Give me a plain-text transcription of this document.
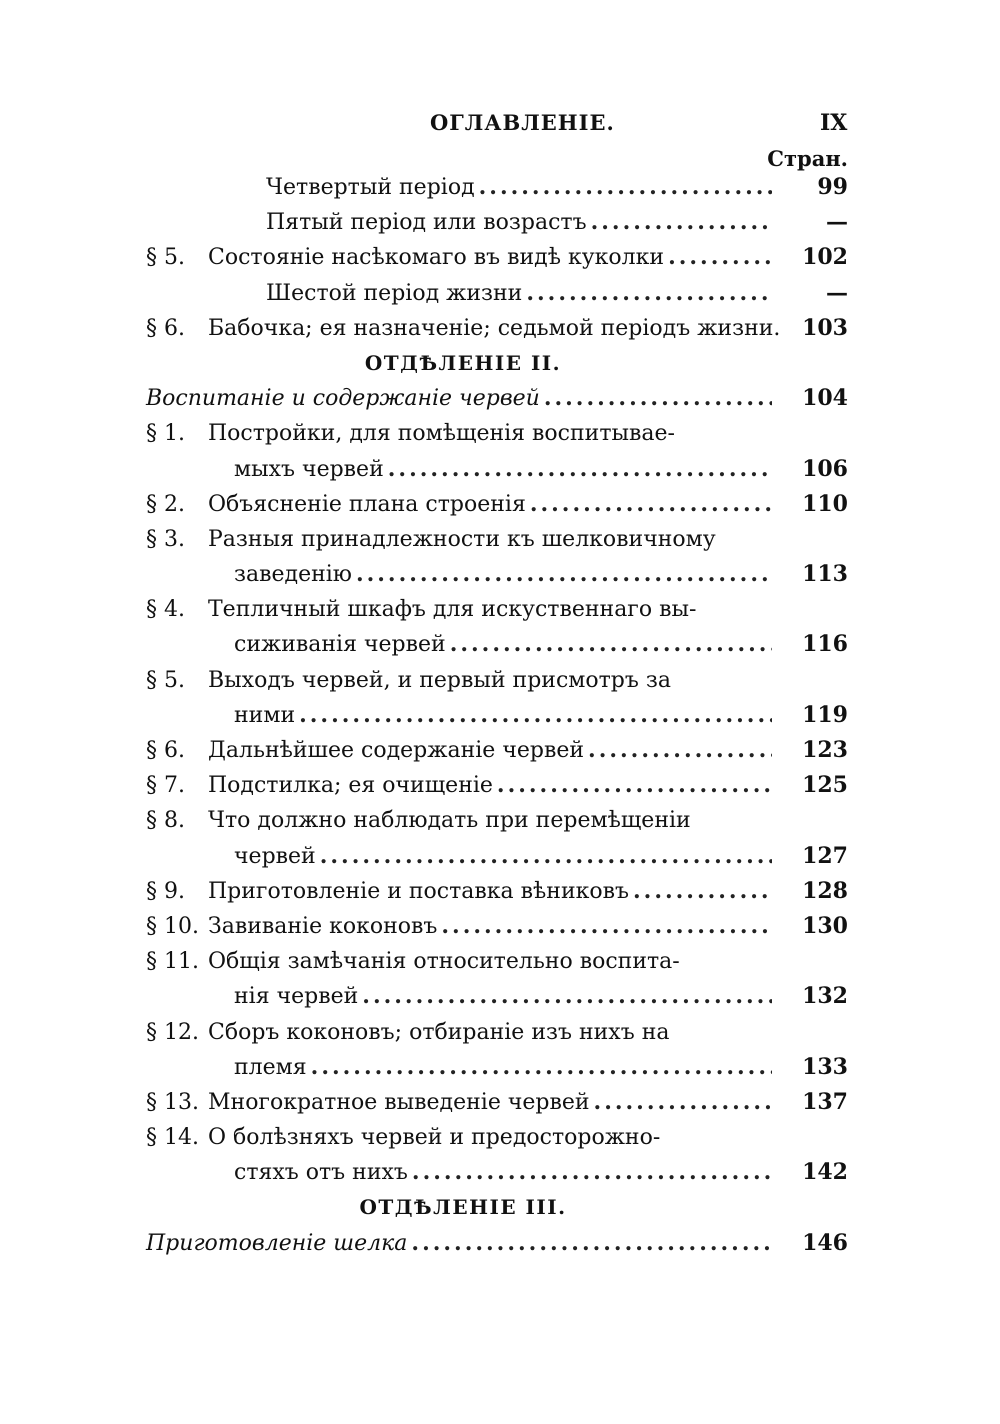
ОГЛАВЛЕНІЕ.	IX
Стран.
Четвертый період .....	99
Пятый період или возрастъ .....	—
§ 5. Состояніе насѣкомаго въ видѣ куколки .....	102
Шестой період жизни .....	—
§ 6. Бабочка; ея назначеніе; седьмой періодъ жизни. 103
ОТДѢЛЕНІЕ II.
Воспитаніе и содержаніе червей .....	104
§ 1. Постройки, для помѣщенія воспитывае-
мыхъ червей .....	106
§ 2. Объясненіе плана строенія .....	110
§ 3. Разныя принадлежности къ шелковичному
заведенію .....	113
§ 4. Тепличный шкафъ для искуственнаго вы-
сиживанія червей .....	116
§ 5. Выходъ червей, и первый присмотръ за
ними .....	119
§ 6. Дальнѣйшее содержаніе червей .....	123
§ 7. Подстилка; ея очищеніе .....	125
§ 8. Что должно наблюдать при перемѣщеніи
червей .....	127
§ 9. Приготовленіе и поставка вѣниковъ .....	128
§ 10. Завиваніе коконовъ .....	130
§ 11. Общія замѣчанія относительно воспита-
нія червей .....	132
§ 12. Сборъ коконовъ; отбираніе изъ нихъ на
племя .....	133
§ 13. Многократное выведеніе червей .....	137
§ 14. О болѣзняхъ червей и предосторожно-
стяхъ отъ нихъ .....	142
ОТДѢЛЕНІЕ III.
Приготовленіе шелка .....	146
